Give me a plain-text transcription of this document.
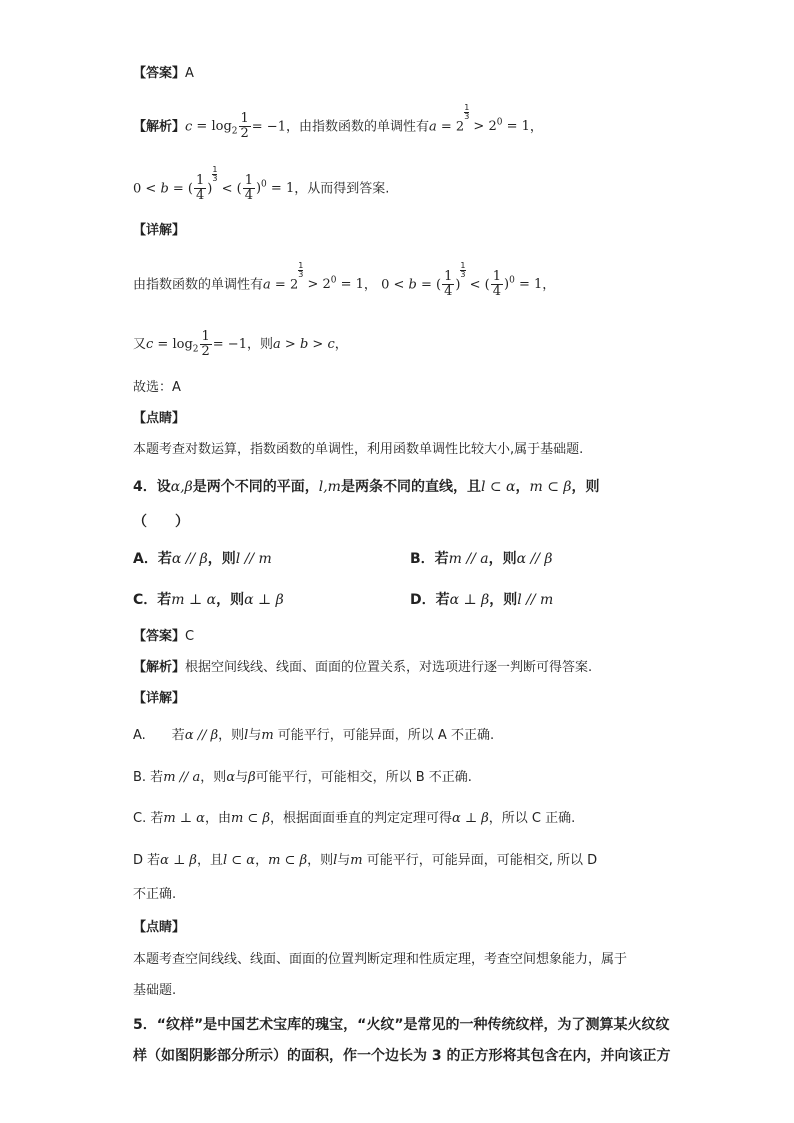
【答案】A
【解析】$c = \log_2 \frac{1}{2} = -1$，由指数函数的单调性有a = 2
$\frac{1}{3}$
> $2^0 = 1$，
0 < b = ( $\frac{1}{4}$ )
$\frac{1}{3}$
< ( $\frac{1}{4} )^0 = 1$，从而得到答案.
【详解】
由指数函数的单调性有a = 2
$\frac{1}{3}$
> $2^0 = 1$， 0 < b = ( $\frac{1}{4}$ )
$\frac{1}{3}$
< ( $\frac{1}{4} )^0 = 1$，
又$c = \log_2 \frac{1}{2} = -1$，则a > b > c，
故选：A
【点睛】
本题考查对数运算，指数函数的单调性，利用函数单调性比较大小,属于基础题.
4．设α,β是两个不同的平面，l,m是两条不同的直线，且l ⊂ α，m ⊂ β，则
（　　）
A．若α // β，则l // m	B．若m // a，则α // β
C．若m ⊥ α，则α ⊥ β	D．若α ⊥ β，则l // m
【答案】C
【解析】根据空间线线、线面、面面的位置关系，对选项进行逐一判断可得答案.
【详解】
A.　　若α // β，则l与m 可能平行，可能异面，所以 A 不正确.
B. 若m // a，则α与β可能平行，可能相交，所以 B 不正确.
C. 若m ⊥ α，由m ⊂ β，根据面面垂直的判定定理可得α ⊥ β，所以 C 正确.
D 若α ⊥ β，且l ⊂ α，m ⊂ β，则l与m 可能平行，可能异面，可能相交, 所以 D
不正确.
【点睛】
本题考查空间线线、线面、面面的位置判断定理和性质定理，考查空间想象能力，属于
基础题.
5．“纹样”是中国艺术宝库的瑰宝，“火纹”是常见的一种传统纹样，为了测算某火纹纹
样（如图阴影部分所示）的面积，作一个边长为 3 的正方形将其包含在内，并向该正方
